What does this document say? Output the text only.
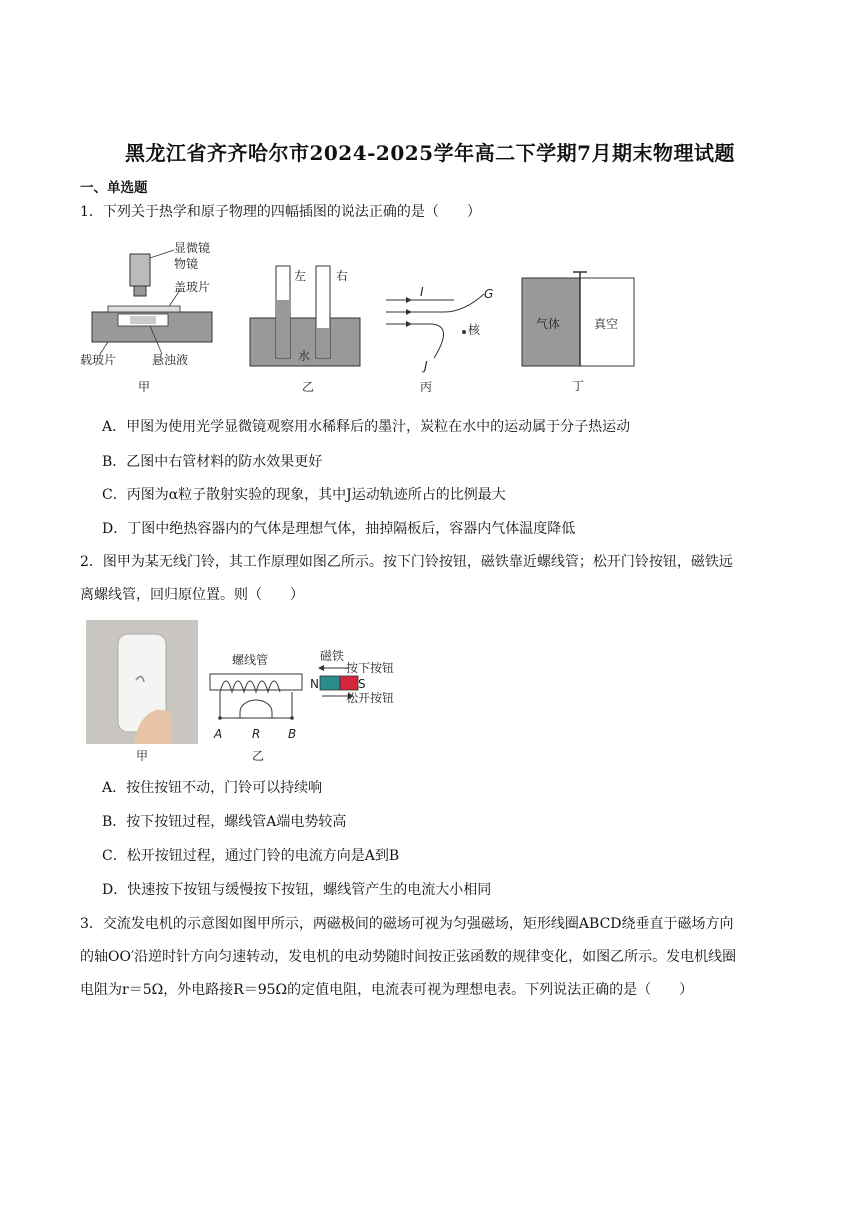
黑龙江省齐齐哈尔市2024-2025学年高二下学期7月期末物理试题
一、单选题
1．下列关于热学和原子物理的四幅插图的说法正确的是（　　）
显微镜
物镜
盖玻片
载玻片	悬浊液
甲
左 右
水
乙
I	G
J
核
丙
气体	真空
丁
A．甲图为使用光学显微镜观察用水稀释后的墨汁，炭粒在水中的运动属于分子热运动
B．乙图中右管材料的防水效果更好
C．丙图为α粒子散射实验的现象，其中J运动轨迹所占的比例最大
D．丁图中绝热容器内的气体是理想气体，抽掉隔板后，容器内气体温度降低
2．图甲为某无线门铃，其工作原理如图乙所示。按下门铃按钮，磁铁靠近螺线管；松开门铃按钮，磁铁远
离螺线管，回归原位置。则（　　）
甲
螺线管
A R B
乙
磁铁
按下按钮
N	S
松开按钮
A．按住按钮不动，门铃可以持续响
B．按下按钮过程，螺线管A端电势较高
C．松开按钮过程，通过门铃的电流方向是A到B
D．快速按下按钮与缓慢按下按钮，螺线管产生的电流大小相同
3．交流发电机的示意图如图甲所示，两磁极间的磁场可视为匀强磁场，矩形线圈ABCD绕垂直于磁场方向
的轴OO′沿逆时针方向匀速转动，发电机的电动势随时间按正弦函数的规律变化，如图乙所示。发电机线圈
电阻为r＝5Ω，外电路接R＝95Ω的定值电阻，电流表可视为理想电表。下列说法正确的是（　　）
